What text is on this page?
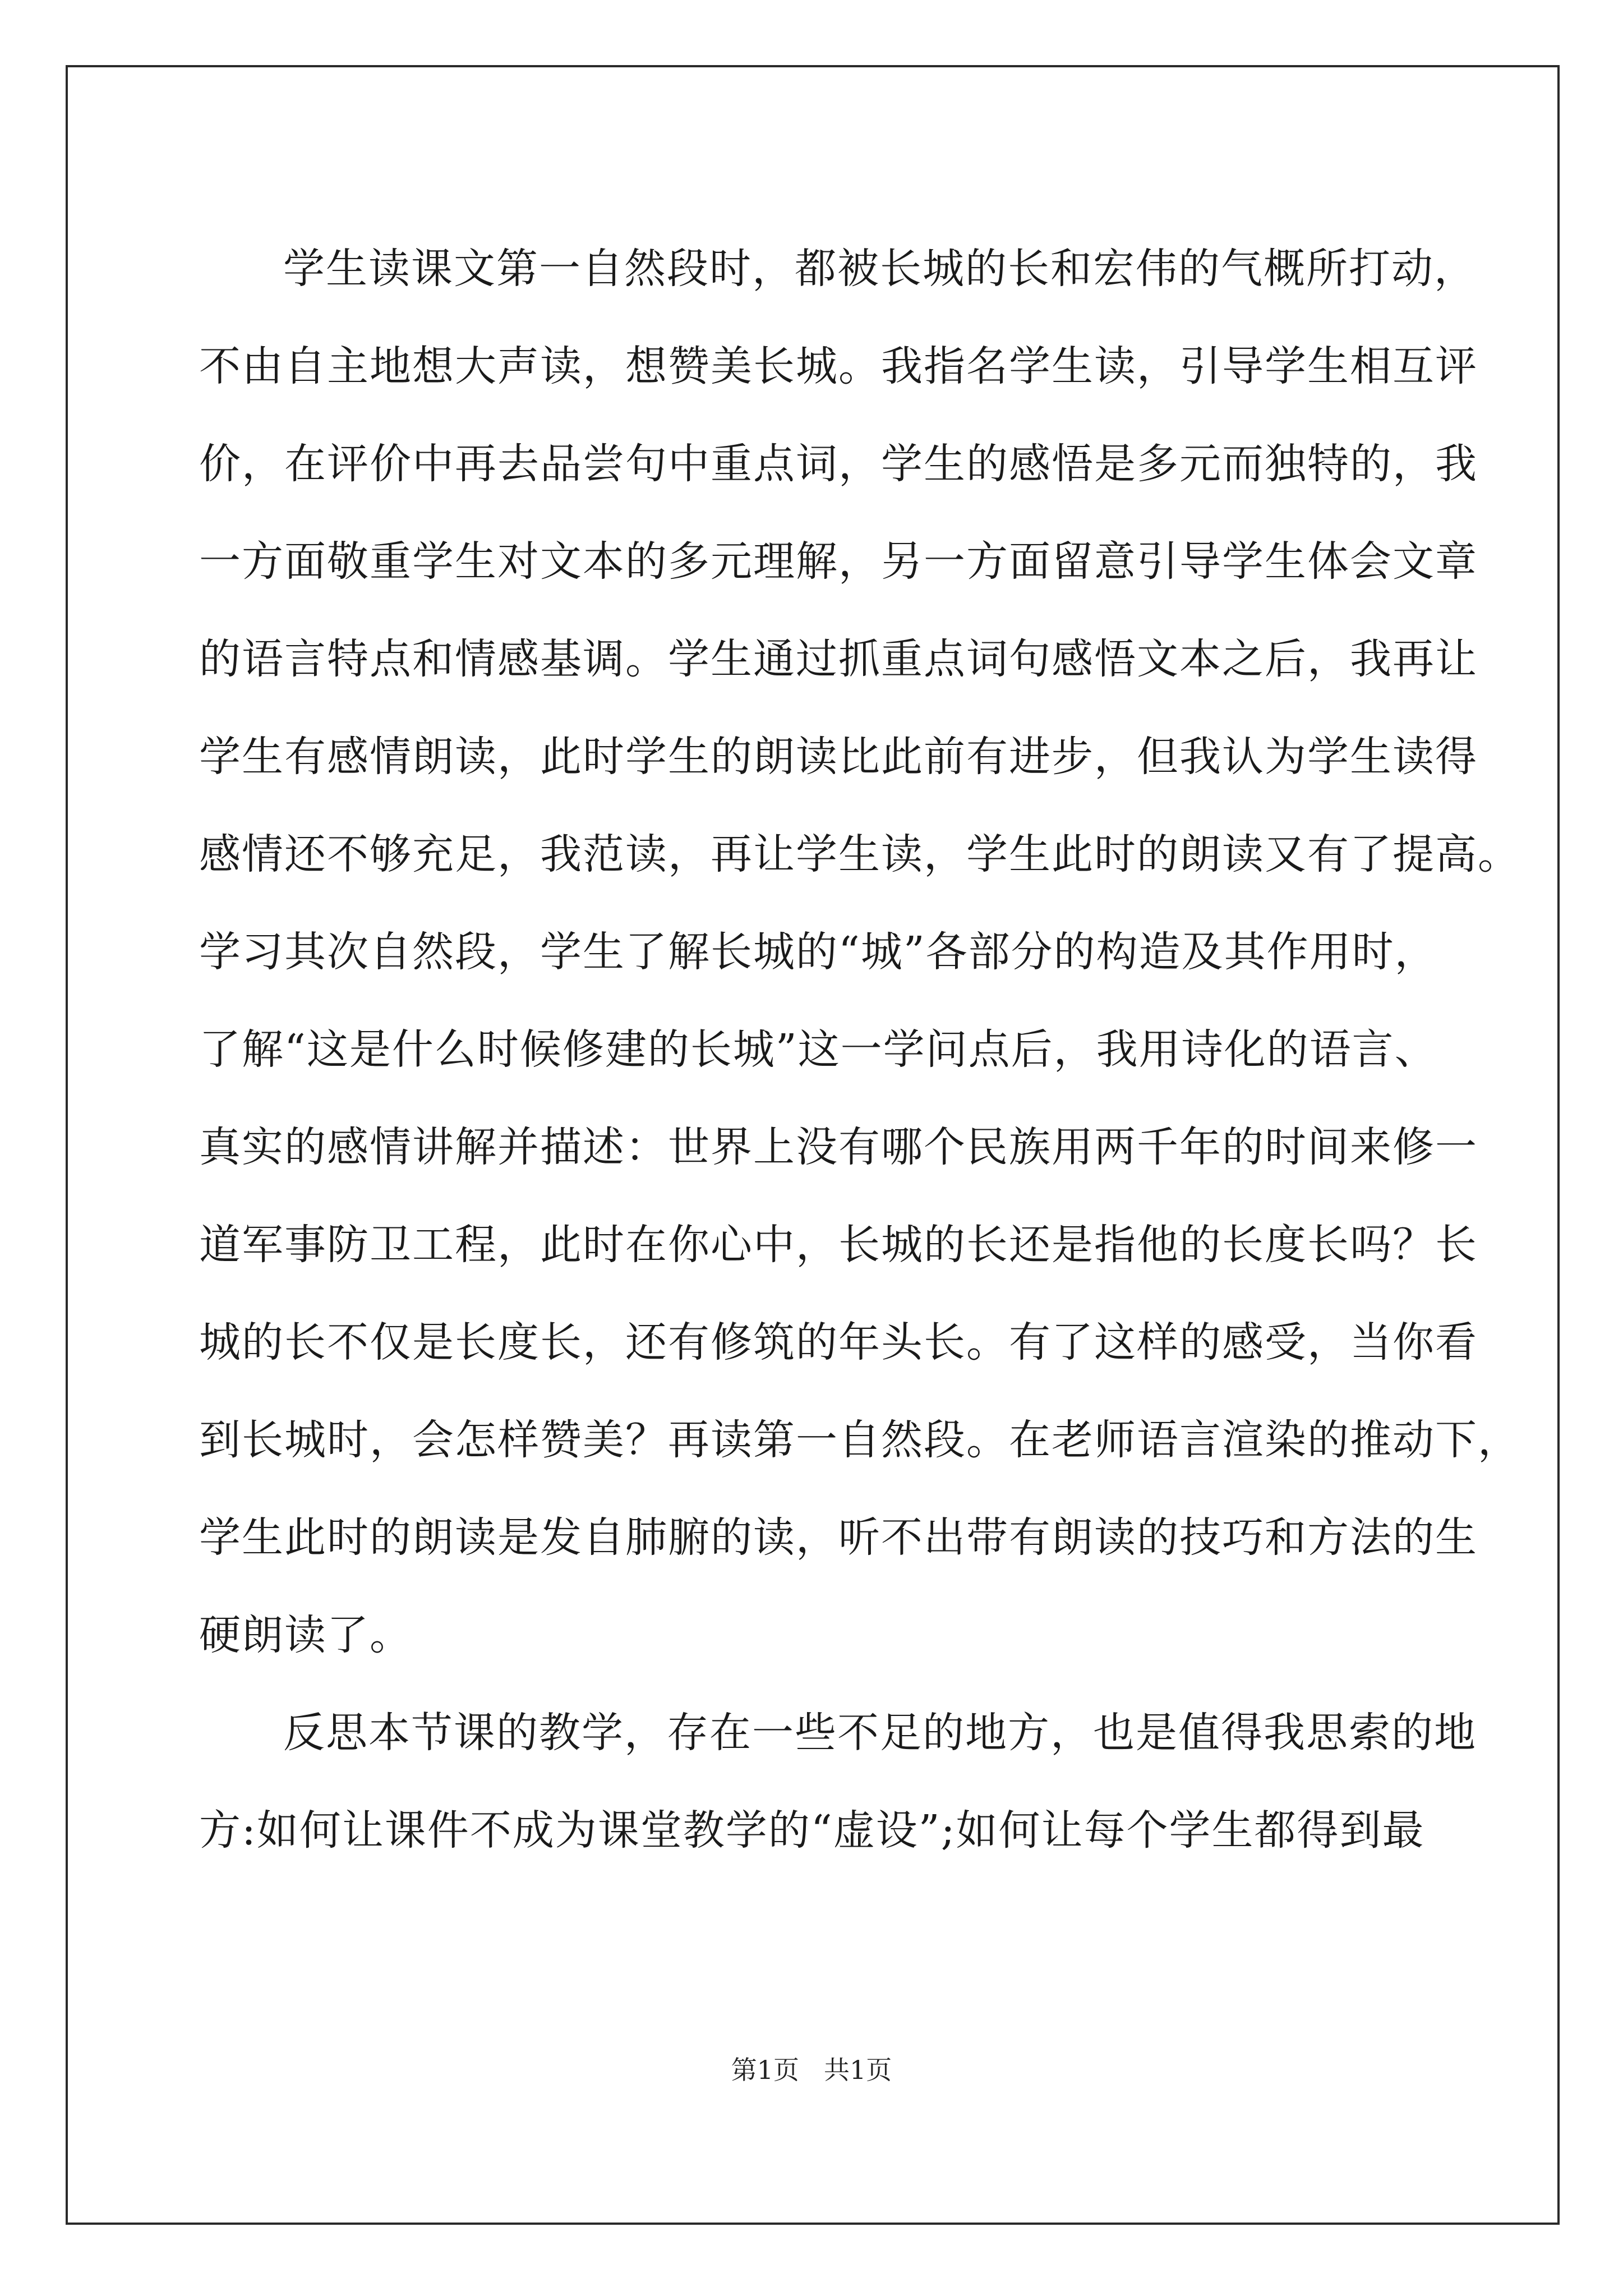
学生读课文第一自然段时，都被长城的长和宏伟的气概所打动，
不由自主地想大声读，想赞美长城。我指名学生读，引导学生相互评
价，在评价中再去品尝句中重点词，学生的感悟是多元而独特的，我
一方面敬重学生对文本的多元理解，另一方面留意引导学生体会文章
的语言特点和情感基调。学生通过抓重点词句感悟文本之后，我再让
学生有感情朗读，此时学生的朗读比此前有进步，但我认为学生读得
感情还不够充足，我范读，再让学生读，学生此时的朗读又有了提高。
学习其次自然段，学生了解长城的“城”各部分的构造及其作用时，
了解“这是什么时候修建的长城”这一学问点后，我用诗化的语言、
真实的感情讲解并描述：世界上没有哪个民族用两千年的时间来修一
道军事防卫工程，此时在你心中，长城的长还是指他的长度长吗？长
城的长不仅是长度长，还有修筑的年头长。有了这样的感受，当你看
到长城时，会怎样赞美？再读第一自然段。在老师语言渲染的推动下，
学生此时的朗读是发自肺腑的读，听不出带有朗读的技巧和方法的生
硬朗读了。
反思本节课的教学，存在一些不足的地方，也是值得我思索的地
方:如何让课件不成为课堂教学的“虚设”;如何让每个学生都得到最
第1页 共1页
